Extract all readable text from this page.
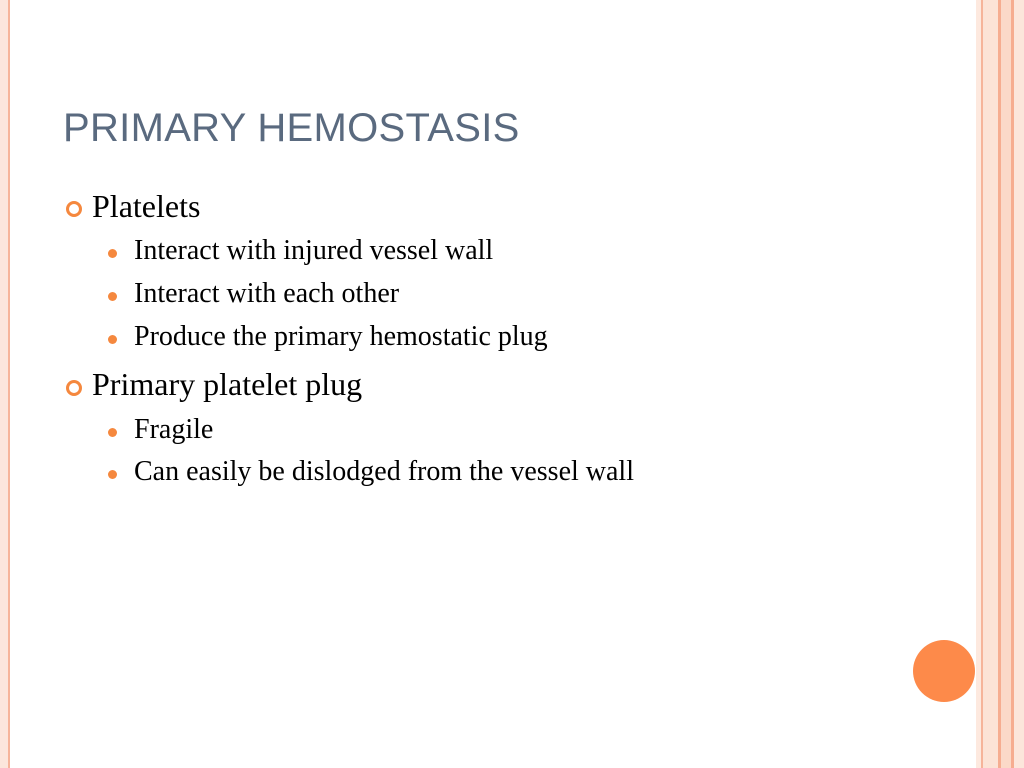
PRIMARY HEMOSTASIS
Platelets
Interact with injured vessel wall
Interact with each other
Produce the primary hemostatic plug
Primary platelet plug
Fragile
Can easily be dislodged from the vessel wall
